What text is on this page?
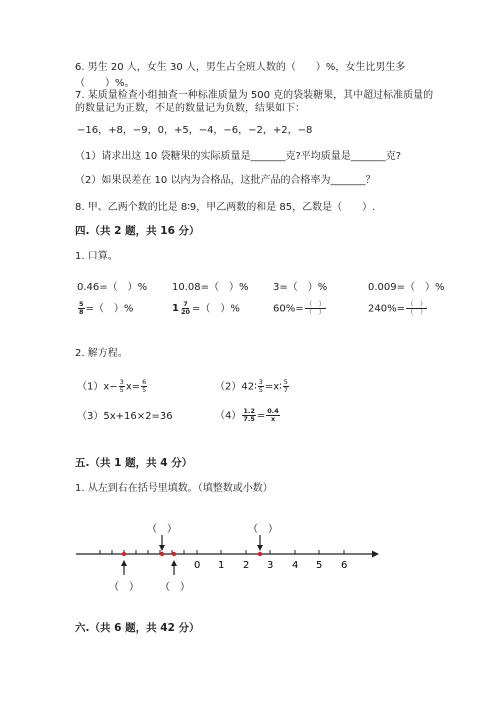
6. 男生 20 人，女生 30 人，男生占全班人数的（　　）%，女生比男生多
（　　）%。
7. 某质量检查小组抽查一种标准质量为 500 克的袋装糖果，其中超过标准质量的
的数量记为正数，不足的数量记为负数，结果如下：
−16，+8，−9，0，+5，−4，−6，−2，+2，−8
（1）请求出这 10 袋糖果的实际质量是_______克?平均质量是_______克?
（2）如果误差在 10 以内为合格品，这批产品的合格率为_______？
8. 甲、乙两个数的比是 8∶9，甲乙两数的和是 85，乙数是（　　）.
四.（共 2 题，共 16 分）
1. 口算。
0.46=（　）% 10.08=（　）% 3=（　）%	0.009=（　）%
$\frac{5}{8}$ =（　）%	$1 \frac{7}{20}$ =（　）%	$60\%= \frac{( )}{( )}$	$240\%= \frac{( )}{( )}$
2. 解方程。
$(1)x- \frac{3}{5} x= \frac{6}{5}$	（2）42∶ $\frac{3}{5}$ =x∶ $\frac{5}{7}$
（3）5x+16×2=36	$(4) \frac{1.2}{7.5} = \frac{0.4}{x}$
五.（共 1 题，共 4 分）
1. 从左到右在括号里填数。（填整数或小数）
（　）	（　）
0 1 2 3 4 5 6
（　） （　）
六.（共 6 题，共 42 分）
